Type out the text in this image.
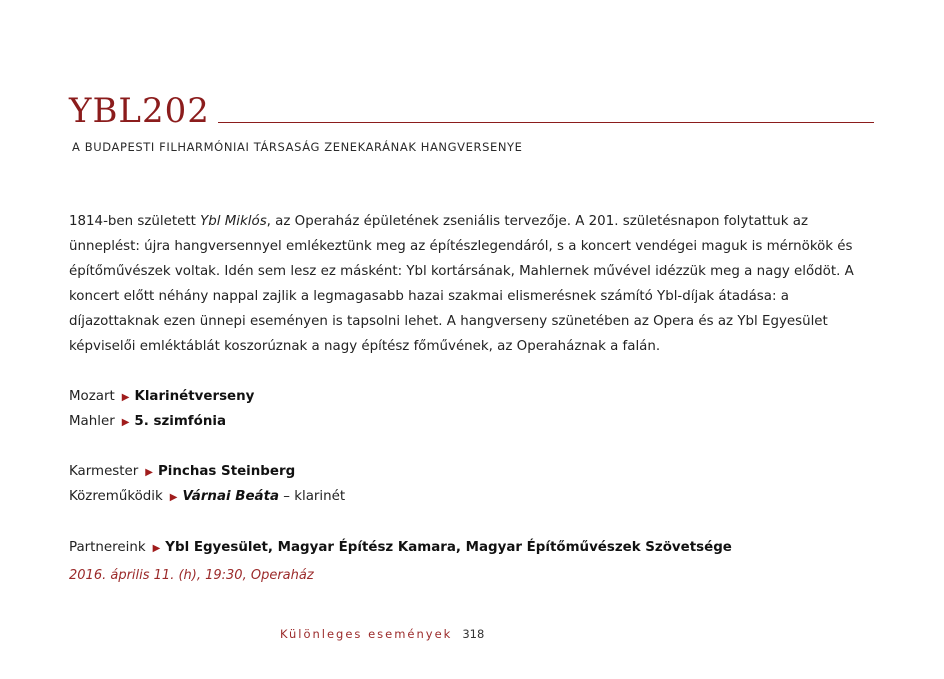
YBL202
A BUDAPESTI FILHARMÓNIAI TÁRSASÁG ZENEKARÁNAK HANGVERSENYE

1814-ben született Ybl Miklós, az Operaház épületének zseniális tervezője. A 201. születésnapon folytattuk az ünneplést: újra hangversennyel emlékeztünk meg az építészlegendáról, s a koncert vendégei maguk is mérnökök és építőművészek voltak. Idén sem lesz ez másként: Ybl kortársának, Mahlernek művével idézzük meg a nagy elődöt. A koncert előtt néhány nappal zajlik a legmagasabb hazai szakmai elismerésnek számító Ybl-díjak átadása: a díjazottaknak ezen ünnepi eseményen is tapsolni lehet. A hangverseny szünetében az Opera és az Ybl Egyesület képviselői emléktáblát koszorúznak a nagy építész főművének, az Operaháznak a falán.

Mozart ▶ Klarinétverseny
Mahler ▶ 5. szimfónia
Karmester ▶ Pinchas Steinberg
Közreműködik ▶ Várnai Beáta – klarinét
Partnereink ▶ Ybl Egyesület, Magyar Építész Kamara, Magyar Építőművészek Szövetsége
2016. április 11. (h), 19:30, Operaház
Különleges események 318
